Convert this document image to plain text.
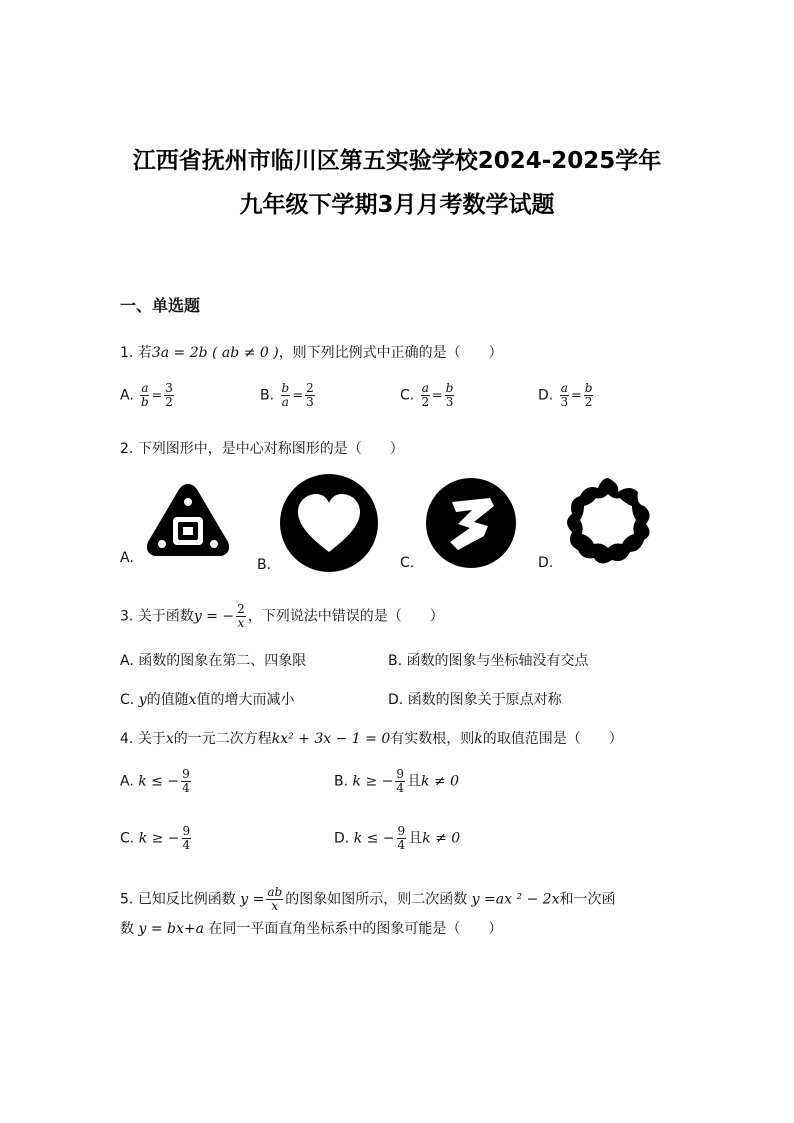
江西省抚州市临川区第五实验学校2024-2025学年
九年级下学期3月月考数学试题
一、单选题
1. 若3a = 2b ( ab ≠ 0 )，则下列比例式中正确的是（　　）
A. $\frac{a}{b} = \frac{3}{2}$	B. $\frac{b}{a} = \frac{2}{3}$	C. $\frac{a}{2} = \frac{b}{3}$	D. $\frac{a}{3} = \frac{b}{2}$
2. 下列图形中，是中心对称图形的是（　　）
A.	B.	C.	D.
3. 关于函数y = − $\frac{2}{x}$ ，下列说法中错误的是（　　）
A. 函数的图象在第二、四象限	B. 函数的图象与坐标轴没有交点
C. y的值随x值的增大而减小	D. 函数的图象关于原点对称
4. 关于x的一元二次方程kx² + 3x − 1 = 0有实数根，则k的取值范围是（　　）
A. k ≤ − $\frac{9}{4}$	B. k ≥ − $\frac{9}{4}$ 且k ≠ 0
C. k ≥ − $\frac{9}{4}$	D. k ≤ − $\frac{9}{4}$ 且k ≠ 0
5. 已知反比例函数 $y = \frac{ab}{x}$ 的图象如图所示，则二次函数 y =ax ² − 2x和一次函
数 y = bx+a 在同一平面直角坐标系中的图象可能是（　　）
